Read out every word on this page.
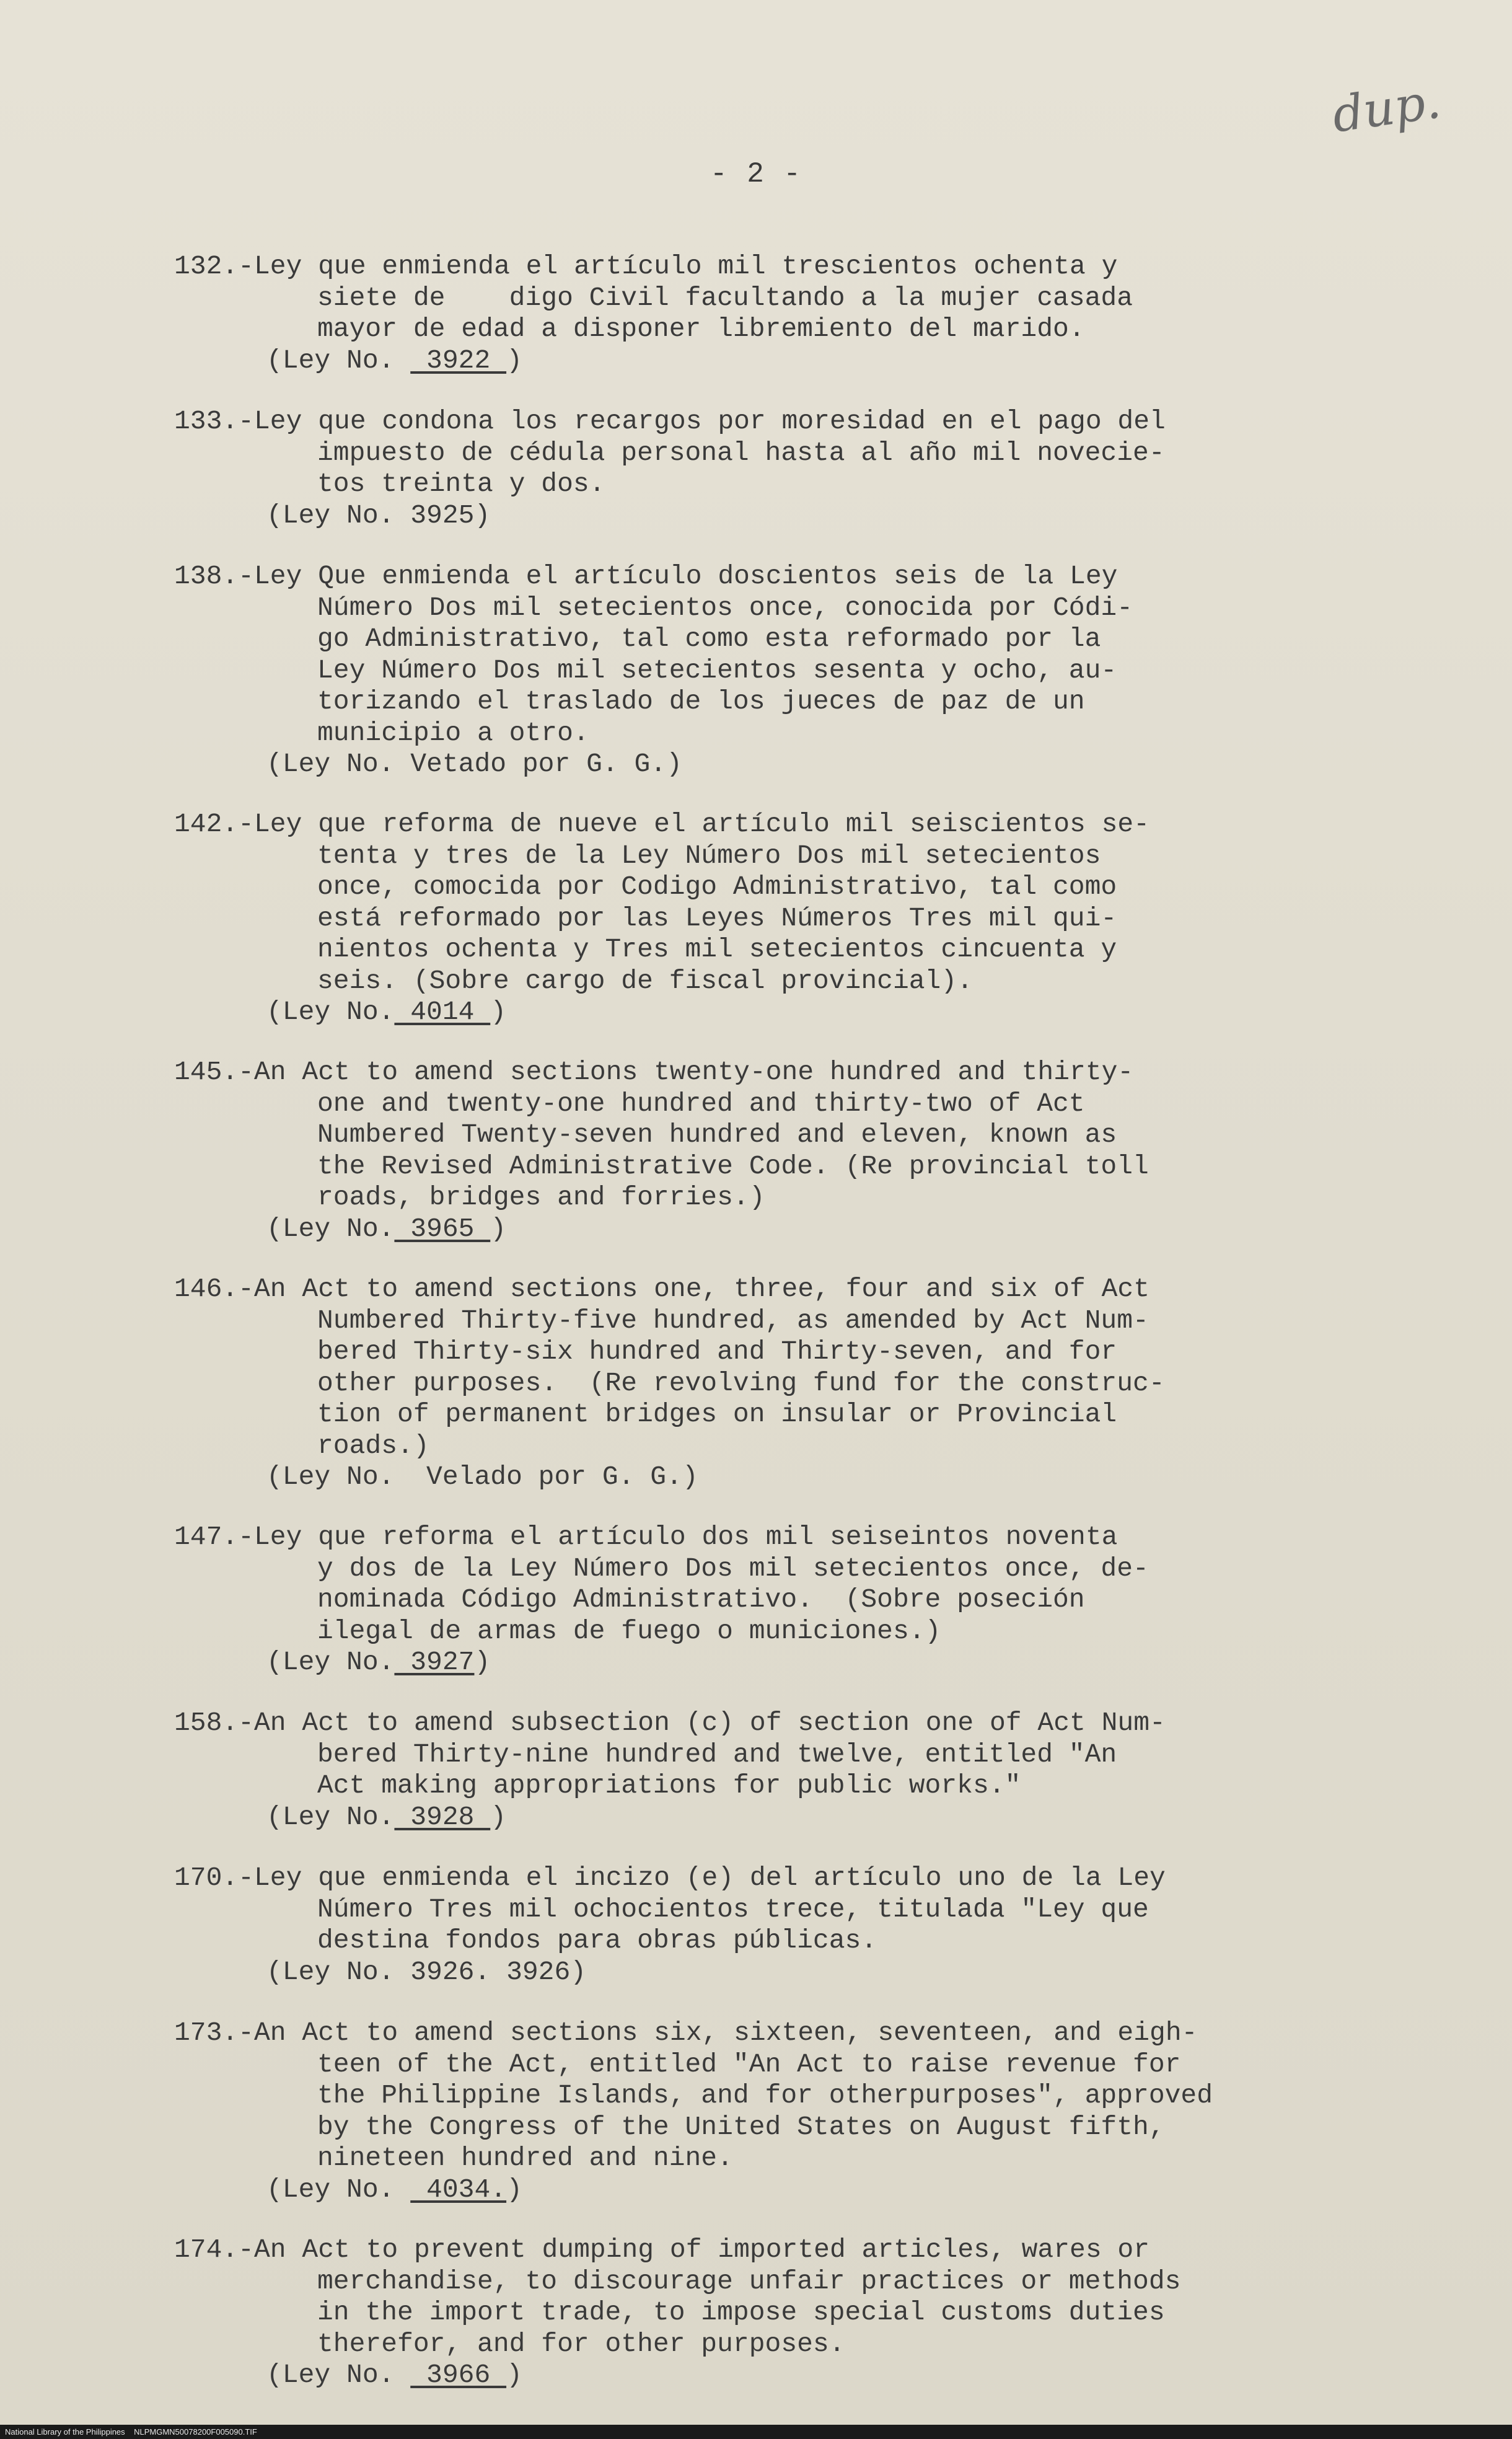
dup.
- 2 -
132.- Ley que enmienda el artículo mil trescientos ochenta y
siete de    digo Civil facultando a la mujer casada
mayor de edad a disponer libremiento del marido.
(Ley No.  3922 )
133.- Ley que condona los recargos por moresidad en el pago del
impuesto de cédula personal hasta al año mil novecie-
tos treinta y dos.
(Ley No. 3925)
138.- Ley Que enmienda el artículo doscientos seis de la Ley
Número Dos mil setecientos once, conocida por Códi-
go Administrativo, tal como esta reformado por la
Ley Número Dos mil setecientos sesenta y ocho, au-
torizando el traslado de los jueces de paz de un
municipio a otro.
(Ley No. Vetado por G. G.)
142.- Ley que reforma de nueve el artículo mil seiscientos se-
tenta y tres de la Ley Número Dos mil setecientos
once, comocida por Codigo Administrativo, tal como
está reformado por las Leyes Números Tres mil qui-
nientos ochenta y Tres mil setecientos cincuenta y
seis. (Sobre cargo de fiscal provincial).
(Ley No. 4014 )
145.- An Act to amend sections twenty-one hundred and thirty-
one and twenty-one hundred and thirty-two of Act
Numbered Twenty-seven hundred and eleven, known as
the Revised Administrative Code. (Re provincial toll
roads, bridges and forries.)
(Ley No. 3965 )
146.- An Act to amend sections one, three, four and six of Act
Numbered Thirty-five hundred, as amended by Act Num-
bered Thirty-six hundred and Thirty-seven, and for
other purposes.  (Re revolving fund for the construc-
tion of permanent bridges on insular or Provincial
roads.)
(Ley No.  Velado por G. G.)
147.- Ley que reforma el artículo dos mil seiseintos noventa
y dos de la Ley Número Dos mil setecientos once, de-
nominada Código Administrativo.  (Sobre poseción
ilegal de armas de fuego o municiones.)
(Ley No. 3927)
158.- An Act to amend subsection (c) of section one of Act Num-
bered Thirty-nine hundred and twelve, entitled "An
Act making appropriations for public works."
(Ley No. 3928 )
170.- Ley que enmienda el incizo (e) del artículo uno de la Ley
Número Tres mil ochocientos trece, titulada "Ley que
destina fondos para obras públicas.
(Ley No. 3926. 3926)
173.- An Act to amend sections six, sixteen, seventeen, and eigh-
teen of the Act, entitled "An Act to raise revenue for
the Philippine Islands, and for otherpurposes", approved
by the Congress of the United States on August fifth,
nineteen hundred and nine.
(Ley No.  4034.)
174.- An Act to prevent dumping of imported articles, wares or
merchandise, to discourage unfair practices or methods
in the import trade, to impose special customs duties
therefor, and for other purposes.
(Ley No.  3966 )
National Library of the Philippines    NLPMGMN50078200F005090.TIF
